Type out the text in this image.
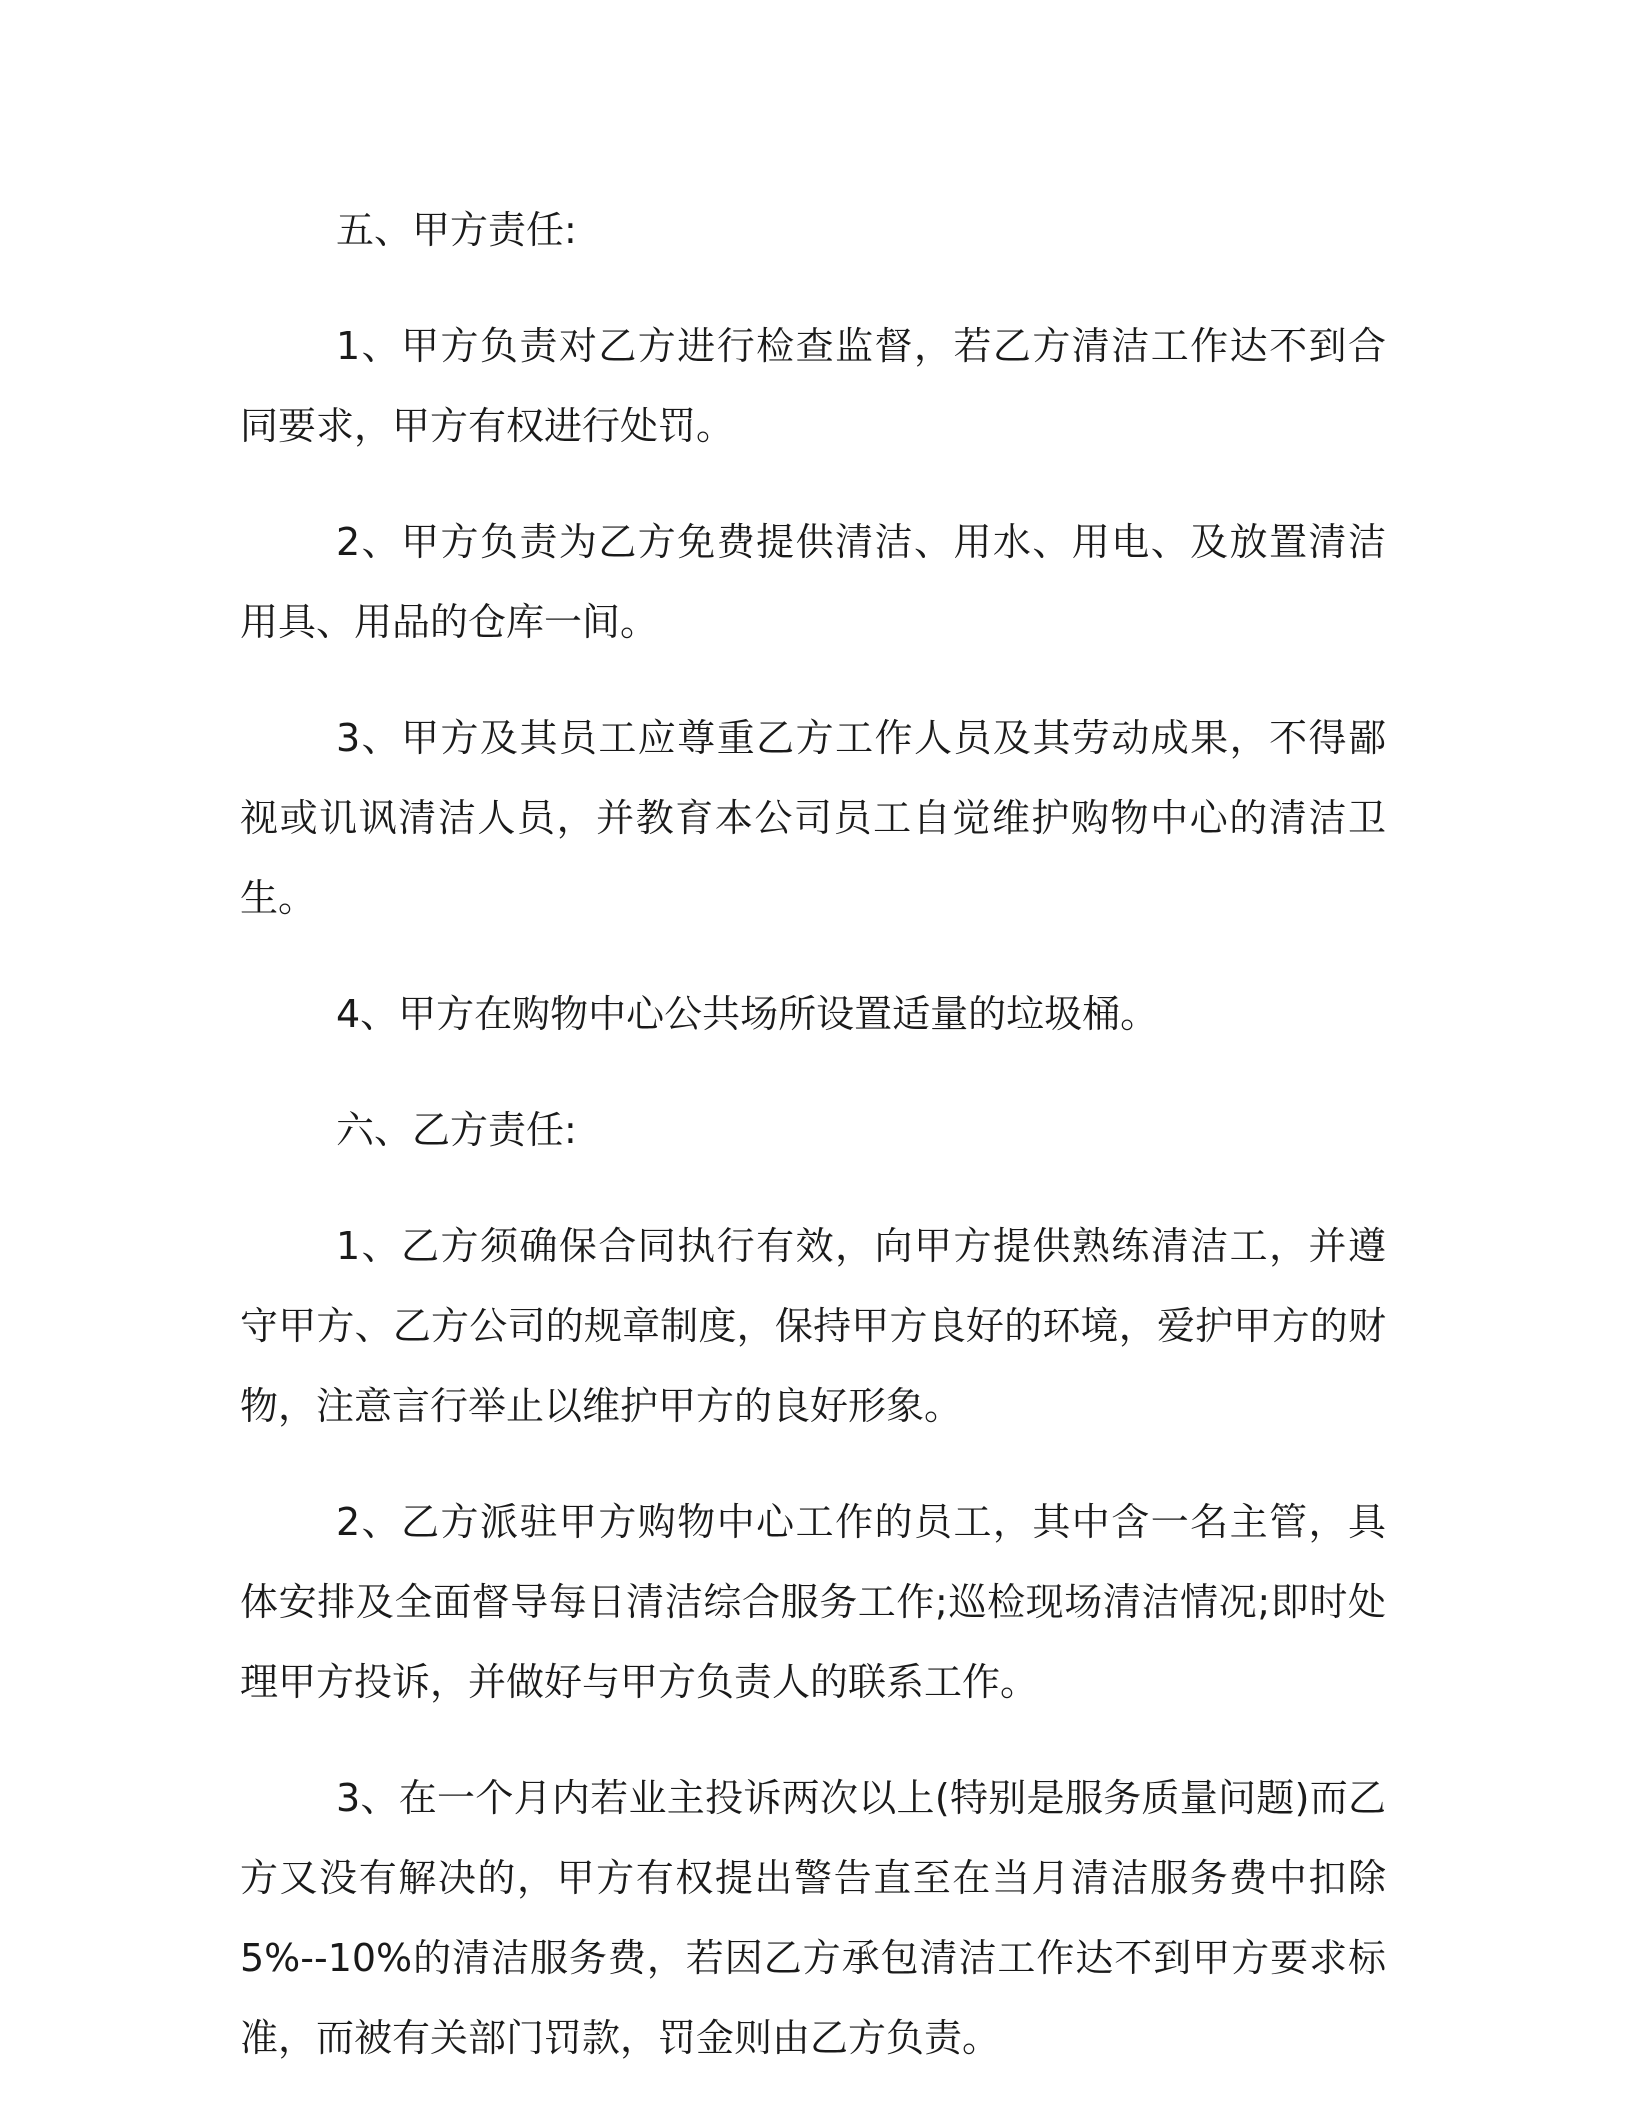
五、甲方责任:

1、甲方负责对乙方进行检查监督，若乙方清洁工作达不到合同要求，甲方有权进行处罚。

2、甲方负责为乙方免费提供清洁、用水、用电、及放置清洁用具、用品的仓库一间。

3、甲方及其员工应尊重乙方工作人员及其劳动成果，不得鄙视或讥讽清洁人员，并教育本公司员工自觉维护购物中心的清洁卫生。

4、甲方在购物中心公共场所设置适量的垃圾桶。

六、乙方责任:

1、乙方须确保合同执行有效，向甲方提供熟练清洁工，并遵守甲方、乙方公司的规章制度，保持甲方良好的环境，爱护甲方的财物，注意言行举止以维护甲方的良好形象。

2、乙方派驻甲方购物中心工作的员工，其中含一名主管，具体安排及全面督导每日清洁综合服务工作;巡检现场清洁情况;即时处理甲方投诉，并做好与甲方负责人的联系工作。

3、在一个月内若业主投诉两次以上(特别是服务质量问题)而乙方又没有解决的，甲方有权提出警告直至在当月清洁服务费中扣除 5%--10%的清洁服务费，若因乙方承包清洁工作达不到甲方要求标准，而被有关部门罚款，罚金则由乙方负责。
